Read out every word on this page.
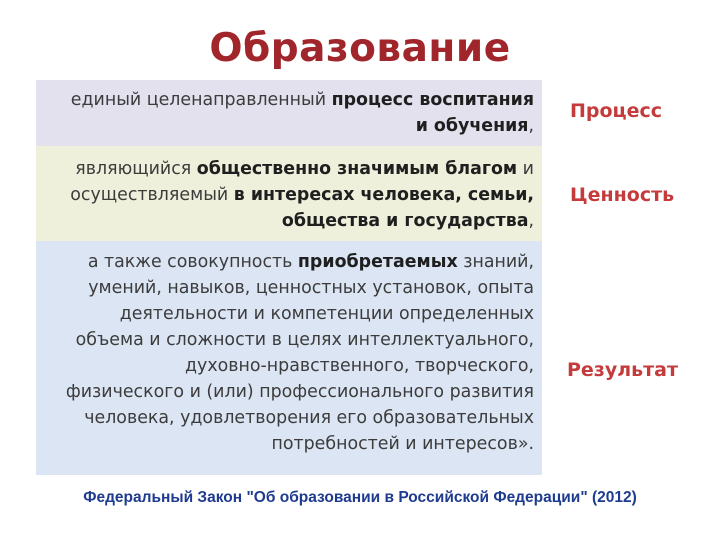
Образование
единый целенаправленный процесс воспитания
и обучения,
являющийся общественно значимым благом и
осуществляемый в интересах человека, семьи,
общества и государства,
а также совокупность приобретаемых знаний,
умений, навыков, ценностных установок, опыта
деятельности и компетенции определенных
объема и сложности в целях интеллектуального,
духовно-нравственного, творческого,
физического и (или) профессионального развития
человека, удовлетворения его образовательных
потребностей и интересов».
Процесс
Ценность
Результат
Федеральный Закон "Об образовании в Российской Федерации" (2012)
